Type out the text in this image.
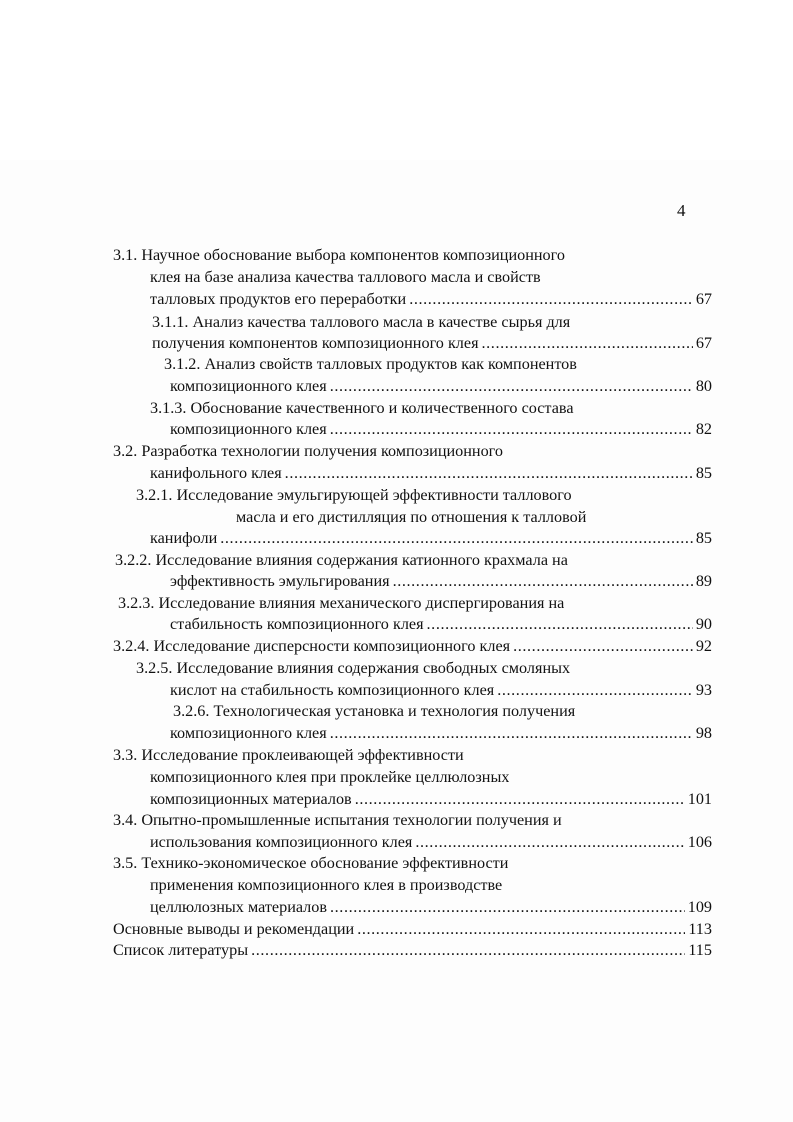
4
3.1. Научное обоснование выбора компонентов композиционного
клея на базе анализа качества таллового масла и свойств
талловых продуктов его переработки .....	67
3.1.1. Анализ качества таллового масла в качестве сырья для
получения компонентов композиционного клея .....	67
3.1.2. Анализ свойств талловых продуктов как компонентов
композиционного клея .....	80
3.1.3. Обоснование качественного и количественного состава
композиционного клея .....	82
3.2. Разработка технологии получения композиционного
канифольного клея .....	85
3.2.1. Исследование эмульгирующей эффективности таллового
масла и его дистилляция по отношения к талловой
канифоли .....	85
3.2.2. Исследование влияния содержания катионного крахмала на
эффективность эмульгирования .....	89
3.2.3. Исследование влияния механического диспергирования на
стабильность композиционного клея .....	90
3.2.4. Исследование дисперсности композиционного клея .....	92
3.2.5. Исследование влияния содержания свободных смоляных
кислот на стабильность композиционного клея .....	93
3.2.6. Технологическая установка и технология получения
композиционного клея .....	98
3.3. Исследование проклеивающей эффективности
композиционного клея при проклейке целлюлозных
композиционных материалов .....	101
3.4. Опытно-промышленные испытания технологии получения и
использования композиционного клея .....	106
3.5. Технико-экономическое обоснование эффективности
применения композиционного клея в производстве
целлюлозных материалов .....	109
Основные выводы и рекомендации .....	113
Список литературы .....	115
